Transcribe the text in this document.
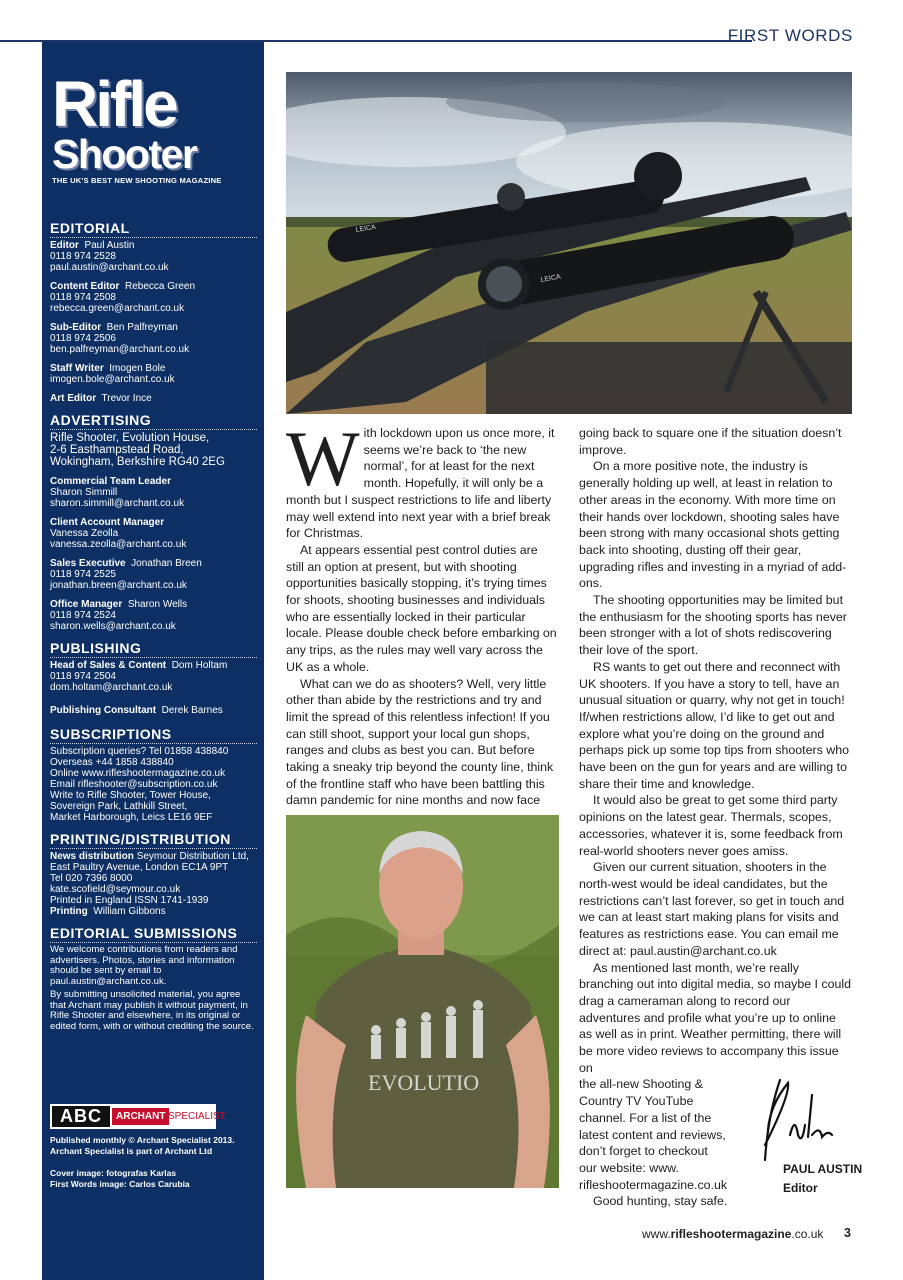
FIRST WORDS
Rifle
Shooter
THE UK'S BEST NEW SHOOTING MAGAZINE
EDITORIAL
Editor Paul Austin
0118 974 2528
paul.austin@archant.co.uk
Content Editor Rebecca Green
0118 974 2508
rebecca.green@archant.co.uk
Sub-Editor Ben Palfreyman
0118 974 2506
ben.palfreyman@archant.co.uk
Staff Writer Imogen Bole
imogen.bole@archant.co.uk
Art Editor Trevor Ince
ADVERTISING
Rifle Shooter, Evolution House,
2-6 Easthampstead Road,
Wokingham, Berkshire RG40 2EG
Commercial Team Leader
Sharon Simmill
sharon.simmill@archant.co.uk
Client Account Manager
Vanessa Zeolla
vanessa.zeolla@archant.co.uk
Sales Executive Jonathan Breen
0118 974 2525
jonathan.breen@archant.co.uk
Office Manager Sharon Wells
0118 974 2524
sharon.wells@archant.co.uk
PUBLISHING
Head of Sales & Content Dom Holtam
0118 974 2504
dom.holtam@archant.co.uk
Publishing Consultant Derek Barnes
SUBSCRIPTIONS
Subscription queries? Tel 01858 438840
Overseas +44 1858 438840
Online www.rifleshootermagazine.co.uk
Email rifleshooter@subscription.co.uk
Write to Rifle Shooter, Tower House,
Sovereign Park, Lathkill Street,
Market Harborough, Leics LE16 9EF
PRINTING/DISTRIBUTION
News distribution Seymour Distribution Ltd, East Paultry Avenue, London EC1A 9PT
Tel 020 7396 8000
kate.scofield@seymour.co.uk
Printed in England ISSN 1741-1939
Printing William Gibbons
EDITORIAL SUBMISSIONS
We welcome contributions from readers and advertisers. Photos, stories and information should be sent by email to paul.austin@archant.co.uk.
By submitting unsolicited material, you agree that Archant may publish it without payment, in Rifle Shooter and elsewhere, in its original or edited form, with or without crediting the source.
ABC	ARCHANT SPECIALIST
Published monthly © Archant Specialist 2013.
Archant Specialist is part of Archant Ltd
Cover image: fotografas Karlas
First Words image: Carlos Carubia
LEICA
LEICA

With lockdown upon us once more, it seems we’re back to ‘the new normal’, for at least for the next month. Hopefully, it will only be a month but I suspect restrictions to life and liberty may well extend into next year with a brief break for Christmas.

At appears essential pest control duties are still an option at present, but with shooting opportunities basically stopping, it’s trying times for shoots, shooting businesses and individuals who are essentially locked in their particular locale. Please double check before embarking on any trips, as the rules may well vary across the UK as a whole.

What can we do as shooters? Well, very little other than abide by the restrictions and try and limit the spread of this relentless infection! If you can still shoot, support your local gun shops, ranges and clubs as best you can. But before taking a sneaky trip beyond the county line, think of the frontline staff who have been battling this damn pandemic for nine months and now face

EVOLUTIO

going back to square one if the situation doesn’t improve.

On a more positive note, the industry is generally holding up well, at least in relation to other areas in the economy. With more time on their hands over lockdown, shooting sales have been strong with many occasional shots getting back into shooting, dusting off their gear, upgrading rifles and investing in a myriad of add-ons.

The shooting opportunities may be limited but the enthusiasm for the shooting sports has never been stronger with a lot of shots rediscovering their love of the sport.

RS wants to get out there and reconnect with UK shooters. If you have a story to tell, have an unusual situation or quarry, why not get in touch! If/when restrictions allow, I’d like to get out and explore what you’re doing on the ground and perhaps pick up some top tips from shooters who have been on the gun for years and are willing to share their time and knowledge.

It would also be great to get some third party opinions on the latest gear. Thermals, scopes, accessories, whatever it is, some feedback from real-world shooters never goes amiss.

Given our current situation, shooters in the north-west would be ideal candidates, but the restrictions can’t last forever, so get in touch and we can at least start making plans for visits and features as restrictions ease. You can email me direct at: paul.austin@archant.co.uk

As mentioned last month, we’re really branching out into digital media, so maybe I could drag a cameraman along to record our adventures and profile what you’re up to online as well as in print. Weather permitting, there will be more video reviews to accompany this issue on

the all-new Shooting & Country TV YouTube channel. For a list of the latest content and reviews, don’t forget to checkout our website: www. rifleshootermagazine.co.uk

Good hunting, stay safe.

PAUL AUSTIN
Editor
www.rifleshootermagazine.co.uk 3
